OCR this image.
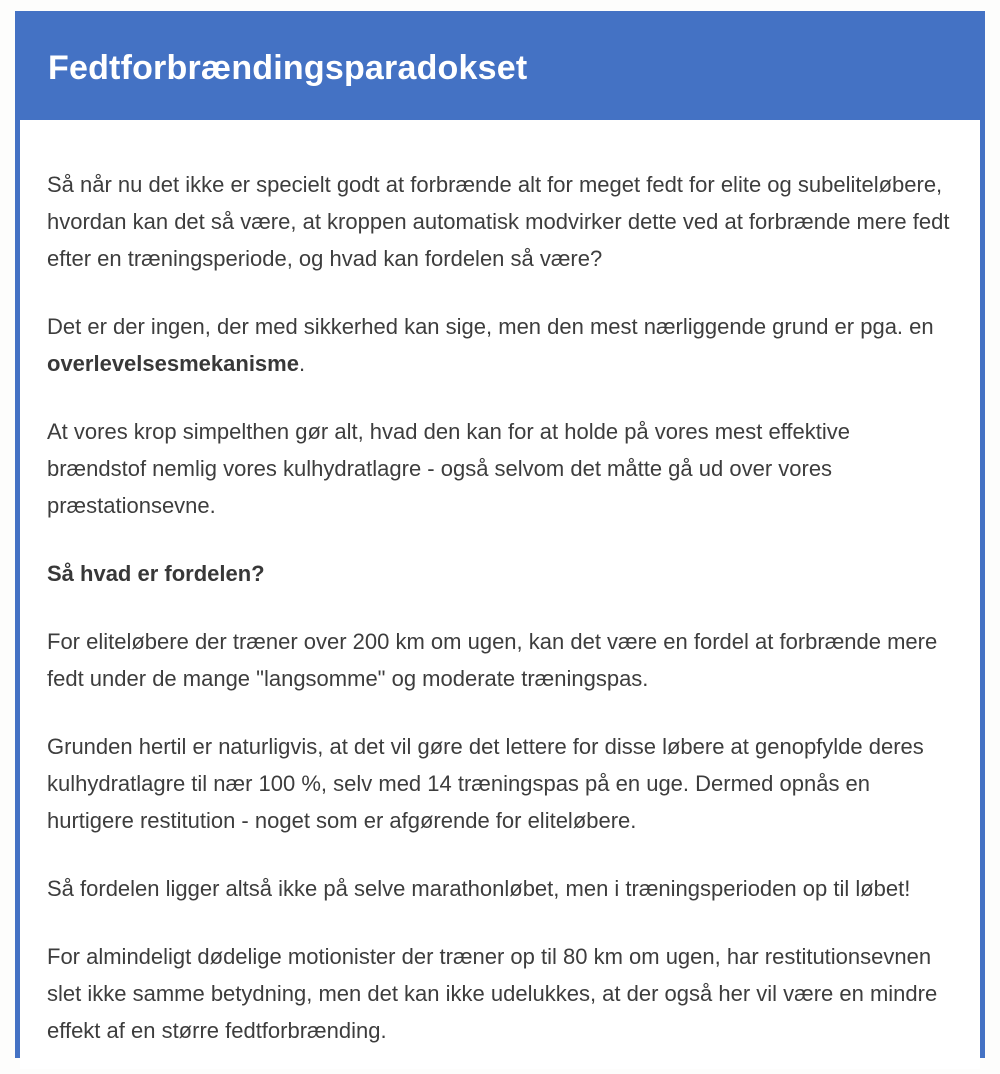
Fedtforbrændingsparadokset

Så når nu det ikke er specielt godt at forbrænde alt for meget fedt for elite og subeliteløbere, hvordan kan det så være, at kroppen automatisk modvirker dette ved at forbrænde mere fedt efter en træningsperiode, og hvad kan fordelen så være?

Det er der ingen, der med sikkerhed kan sige, men den mest nærliggende grund er pga. en overlevelsesmekanisme.

At vores krop simpelthen gør alt, hvad den kan for at holde på vores mest effektive brændstof nemlig vores kulhydratlagre - også selvom det måtte gå ud over vores præstationsevne.

Så hvad er fordelen?

For eliteløbere der træner over 200 km om ugen, kan det være en fordel at forbrænde mere fedt under de mange "langsomme" og moderate træningspas.

Grunden hertil er naturligvis, at det vil gøre det lettere for disse løbere at genopfylde deres kulhydratlagre til nær 100 %, selv med 14 træningspas på en uge. Dermed opnås en hurtigere restitution - noget som er afgørende for eliteløbere.

Så fordelen ligger altså ikke på selve marathonløbet, men i træningsperioden op til løbet!

For almindeligt dødelige motionister der træner op til 80 km om ugen, har restitutionsevnen slet ikke samme betydning, men det kan ikke udelukkes, at der også her vil være en mindre effekt af en større fedtforbrænding.
